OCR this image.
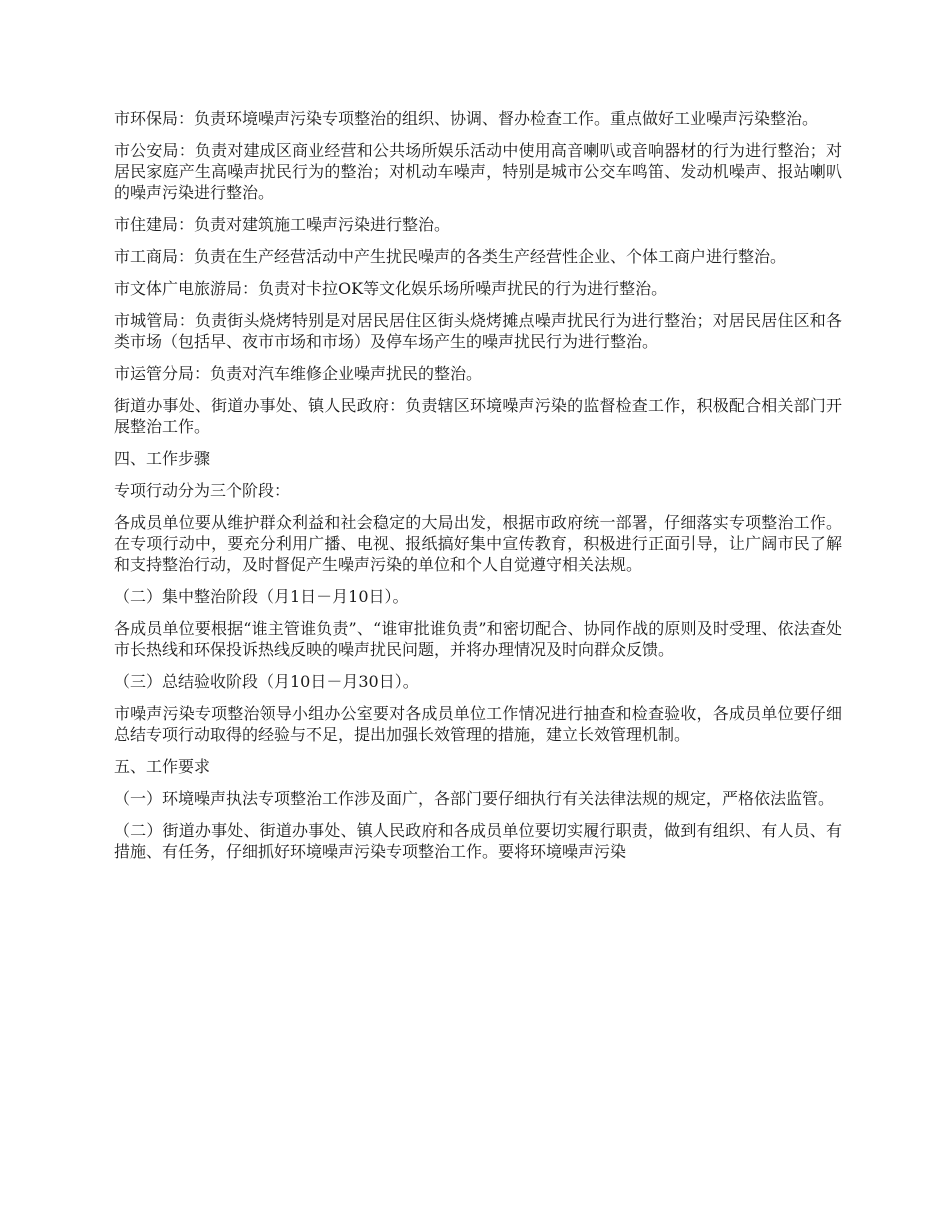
市环保局：负责环境噪声污染专项整治的组织、协调、督办检查工作。重点做好工业噪声污染整治。

市公安局：负责对建成区商业经营和公共场所娱乐活动中使用高音喇叭或音响器材的行为进行整治；对居民家庭产生高噪声扰民行为的整治；对机动车噪声，特别是城市公交车鸣笛、发动机噪声、报站喇叭的噪声污染进行整治。

市住建局：负责对建筑施工噪声污染进行整治。

市工商局：负责在生产经营活动中产生扰民噪声的各类生产经营性企业、个体工商户进行整治。

市文体广电旅游局：负责对卡拉OK等文化娱乐场所噪声扰民的行为进行整治。

市城管局：负责街头烧烤特别是对居民居住区街头烧烤摊点噪声扰民行为进行整治；对居民居住区和各类市场（包括早、夜市市场和市场）及停车场产生的噪声扰民行为进行整治。

市运管分局：负责对汽车维修企业噪声扰民的整治。

街道办事处、街道办事处、镇人民政府：负责辖区环境噪声污染的监督检查工作，积极配合相关部门开展整治工作。

四、工作步骤

专项行动分为三个阶段：

各成员单位要从维护群众利益和社会稳定的大局出发，根据市政府统一部署，仔细落实专项整治工作。在专项行动中，要充分利用广播、电视、报纸搞好集中宣传教育，积极进行正面引导，让广阔市民了解和支持整治行动，及时督促产生噪声污染的单位和个人自觉遵守相关法规。

（二）集中整治阶段（月1日－月10日）。

各成员单位要根据“谁主管谁负责”、“谁审批谁负责”和密切配合、协同作战的原则及时受理、依法查处市长热线和环保投诉热线反映的噪声扰民问题，并将办理情况及时向群众反馈。

（三）总结验收阶段（月10日－月30日）。

市噪声污染专项整治领导小组办公室要对各成员单位工作情况进行抽查和检查验收，各成员单位要仔细总结专项行动取得的经验与不足，提出加强长效管理的措施，建立长效管理机制。

五、工作要求

（一）环境噪声执法专项整治工作涉及面广，各部门要仔细执行有关法律法规的规定，严格依法监管。

（二）街道办事处、街道办事处、镇人民政府和各成员单位要切实履行职责，做到有组织、有人员、有措施、有任务，仔细抓好环境噪声污染专项整治工作。要将环境噪声污染
